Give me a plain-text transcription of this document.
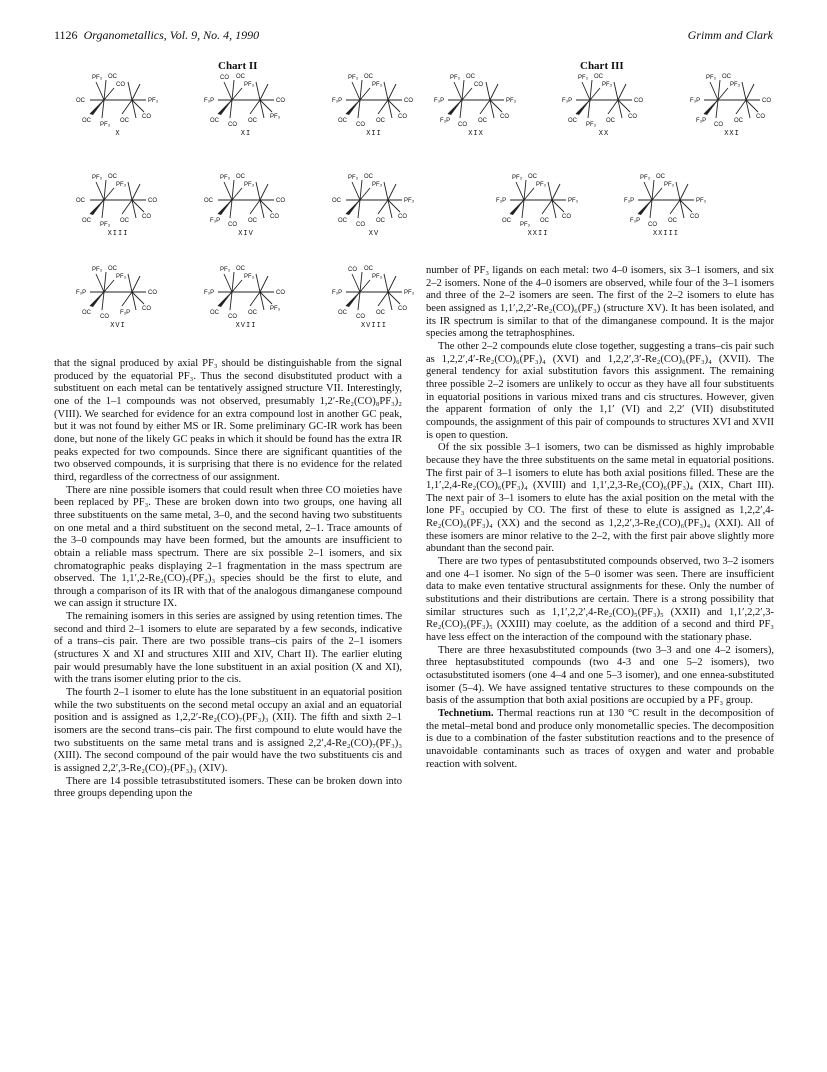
1126 Organometallics, Vol. 9, No. 4, 1990	Grimm and Clark
Chart II	Chart III
OC	PF₃
PF₃ OC
CO
OC
PF₃
OC
CO
X
F₃P	CO
CO OC
PF₃
OC
CO
OC
PF₃
XI
F₃P	CO
PF₃ OC
PF₃
OC
CO
OC
CO
XII
OC	CO
PF₃ OC
PF₃
OC
PF₃
OC
CO
XIII
OC	CO
PF₃ OC
PF₃
F₃P
CO
OC
CO
XIV
OC	PF₃
PF₃ OC
PF₃
OC
CO
OC
CO
XV
F₃P	CO
PF₃ OC
PF₃
OC
CO
F₃P
CO
XVI
F₃P	CO
PF₃ OC
PF₃
OC
CO
OC
PF₃
XVII
F₃P	PF₃
CO OC
PF₃
OC
CO
OC
CO
XVIII
F₃P	PF₃
PF₃ OC
CO
F₃P
CO
OC
CO
XIX
F₃P	CO
PF₃ OC
PF₃
OC
PF₃
OC
CO
XX
F₃P	CO
PF₃ OC
PF₃
F₃P
CO
OC
CO
XXI
F₃P	PF₃
PF₃ OC
PF₃
OC
PF₃
OC
CO
XXII
F₃P	PF₃
PF₃ OC
PF₃
F₃P
CO
OC
CO
XXIII

that the signal produced by axial PF₃ should be distinguishable from the signal produced by the equatorial PF₃. Thus the second disubstituted product with a substituent on each metal can be tentatively assigned structure VII. Interestingly, one of the 1–1 compounds was not observed, presumably 1,2′-Re₂(CO)₈PF₃)₂ (VIII). We searched for evidence for an extra compound lost in another GC peak, but it was not found by either MS or IR. Some preliminary GC-IR work has been done, but none of the likely GC peaks in which it should be found has the extra IR peaks expected for two compounds. Since there are significant quantities of the two observed compounds, it is surprising that there is no evidence for the related third, regardless of the correctness of our assignment.

There are nine possible isomers that could result when three CO moieties have been replaced by PF₃. These are broken down into two groups, one having all three substituents on the same metal, 3–0, and the second having two substituents on one metal and a third substituent on the second metal, 2–1. Trace amounts of the 3–0 compounds may have been formed, but the amounts are insufficient to obtain a reliable mass spectrum. There are six possible 2–1 isomers, and six chromatographic peaks displaying 2–1 fragmentation in the mass spectrum are observed. The 1,1′,2-Re₂(CO)₇(PF₃)₃ species should be the first to elute, and through a comparison of its IR with that of the analogous dimanganese compound we can assign it structure IX.

The remaining isomers in this series are assigned by using retention times. The second and third 2–1 isomers to elute are separated by a few seconds, indicative of a trans–cis pair. There are two possible trans–cis pairs of the 2–1 isomers (structures X and XI and structures XIII and XIV, Chart II). The earlier eluting pair would presumably have the lone substituent in an axial position (X and XI), with the trans isomer eluting prior to the cis.

The fourth 2–1 isomer to elute has the lone substituent in an equatorial position while the two substituents on the second metal occupy an axial and an equatorial position and is assigned as 1,2,2′-Re₂(CO)₇(PF₃)₃ (XII). The fifth and sixth 2–1 isomers are the second trans–cis pair. The first compound to elute would have the two substituents on the same metal trans and is assigned 2,2′,4-Re₂(CO)₇(PF₃)₃ (XIII). The second compound of the pair would have the two substituents cis and is assigned 2,2′,3-Re₂(CO)₇(PF₃)₃ (XIV).

There are 14 possible tetrasubstituted isomers. These can be broken down into three groups depending upon the

number of PF₃ ligands on each metal: two 4–0 isomers, six 3–1 isomers, and six 2–2 isomers. None of the 4–0 isomers are observed, while four of the 3–1 isomers and three of the 2–2 isomers are seen. The first of the 2–2 isomers to elute has been assigned as 1,1′,2,2′-Re₂(CO)₆(PF₃) (structure XV). It has been isolated, and its IR spectrum is similar to that of the dimanganese compound. It is the major species among the tetraphosphines.

The other 2–2 compounds elute close together, suggesting a trans–cis pair such as 1,2,2′,4′-Re₂(CO)₆(PF₃)₄ (XVI) and 1,2,2′,3′-Re₂(CO)₆(PF₃)₄ (XVII). The general tendency for axial substitution favors this assignment. The remaining three possible 2–2 isomers are unlikely to occur as they have all four substituents in equatorial positions in various mixed trans and cis structures. However, given the apparent formation of only the 1,1′ (VI) and 2,2′ (VII) disubstituted compounds, the assignment of this pair of compounds to structures XVI and XVII is open to question.

Of the six possible 3–1 isomers, two can be dismissed as highly improbable because they have the three substituents on the same metal in equatorial positions. The first pair of 3–1 isomers to elute has both axial positions filled. These are the 1,1′,2,4-Re₂(CO)₆(PF₃)₄ (XVIII) and 1,1′,2,3-Re₂(CO)₆(PF₃)₄ (XIX, Chart III). The next pair of 3–1 isomers to elute has the axial position on the metal with the lone PF₃ occupied by CO. The first of these to elute is assigned as 1,2,2′,4-Re₂(CO)₆(PF₃)₄ (XX) and the second as 1,2,2′,3-Re₂(CO)₆(PF₃)₄ (XXI). All of these isomers are minor relative to the 2–2, with the first pair above slightly more abundant than the second pair.

There are two types of pentasubstituted compounds observed, two 3–2 isomers and one 4–1 isomer. No sign of the 5–0 isomer was seen. There are insufficient data to make even tentative structural assignments for these. Only the number of substitutions and their distributions are certain. There is a strong possibility that similar structures such as 1,1′,2,2′,4-Re₂(CO)₅(PF₃)₅ (XXII) and 1,1′,2,2′,3-Re₂(CO)₅(PF₃)₅ (XXIII) may coelute, as the addition of a second and third PF₃ have less effect on the interaction of the compound with the stationary phase.

There are three hexasubstituted compounds (two 3–3 and one 4–2 isomers), three heptasubstituted compounds (two 4-3 and one 5–2 isomers), two octasubstituted isomers (one 4–4 and one 5–3 isomer), and one ennea-substituted isomer (5–4). We have assigned tentative structures to these compounds on the basis of the assumption that both axial positions are occupied by a PF₃ group.

Technetium. Thermal reactions run at 130 °C result in the decomposition of the metal–metal bond and produce only monometallic species. The decomposition is due to a combination of the faster substitution reactions and to the presence of unavoidable contaminants such as traces of oxygen and water and probable reaction with solvent.
